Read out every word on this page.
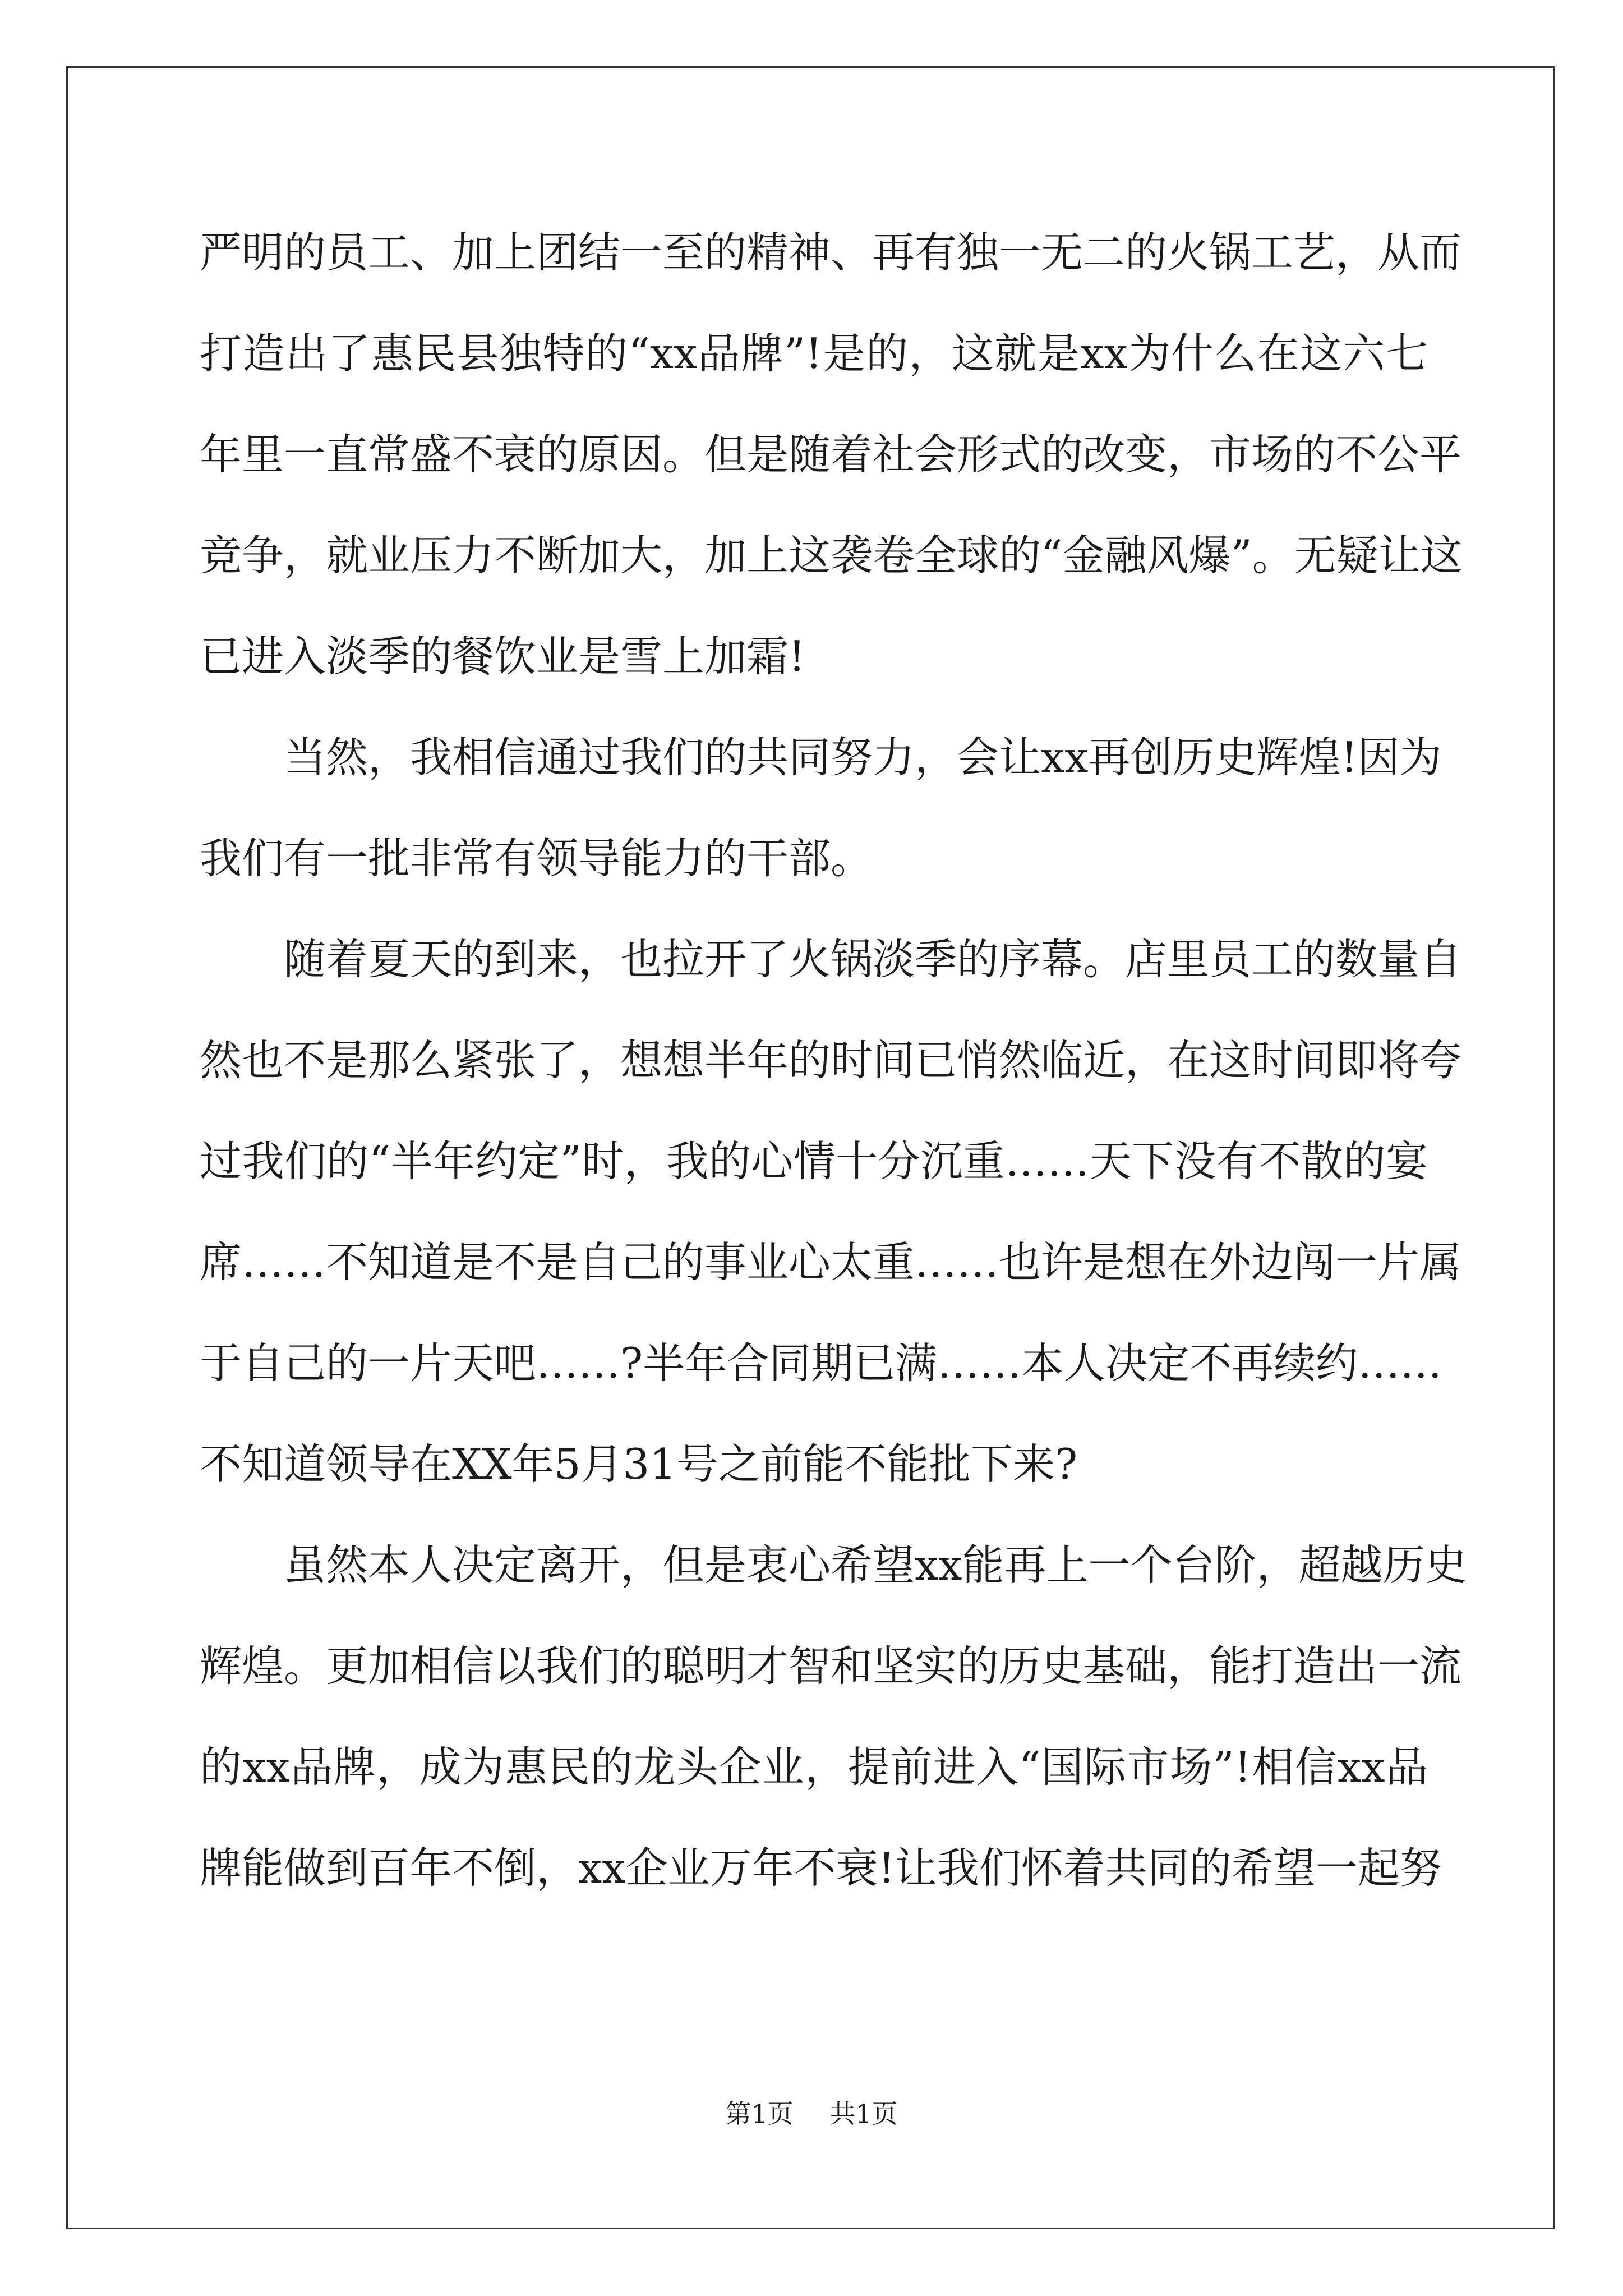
严明的员工、加上团结一至的精神、再有独一无二的火锅工艺，从而
打造出了惠民县独特的“xx品牌”!是的，这就是xx为什么在这六七
年里一直常盛不衰的原因。但是随着社会形式的改变，市场的不公平
竞争，就业压力不断加大，加上这袭卷全球的“金融风爆”。无疑让这
已进入淡季的餐饮业是雪上加霜!
　　当然，我相信通过我们的共同努力，会让xx再创历史辉煌!因为
我们有一批非常有领导能力的干部。
　　随着夏天的到来，也拉开了火锅淡季的序幕。店里员工的数量自
然也不是那么紧张了，想想半年的时间已悄然临近，在这时间即将夸
过我们的“半年约定”时，我的心情十分沉重……天下没有不散的宴
席……不知道是不是自己的事业心太重……也许是想在外边闯一片属
于自己的一片天吧……?半年合同期已满……本人决定不再续约……
不知道领导在XX年5月31号之前能不能批下来?
　　虽然本人决定离开，但是衷心希望xx能再上一个台阶，超越历史
辉煌。更加相信以我们的聪明才智和坚实的历史基础，能打造出一流
的xx品牌，成为惠民的龙头企业，提前进入“国际市场”!相信xx品
牌能做到百年不倒，xx企业万年不衰!让我们怀着共同的希望一起努
第1页 共1页
